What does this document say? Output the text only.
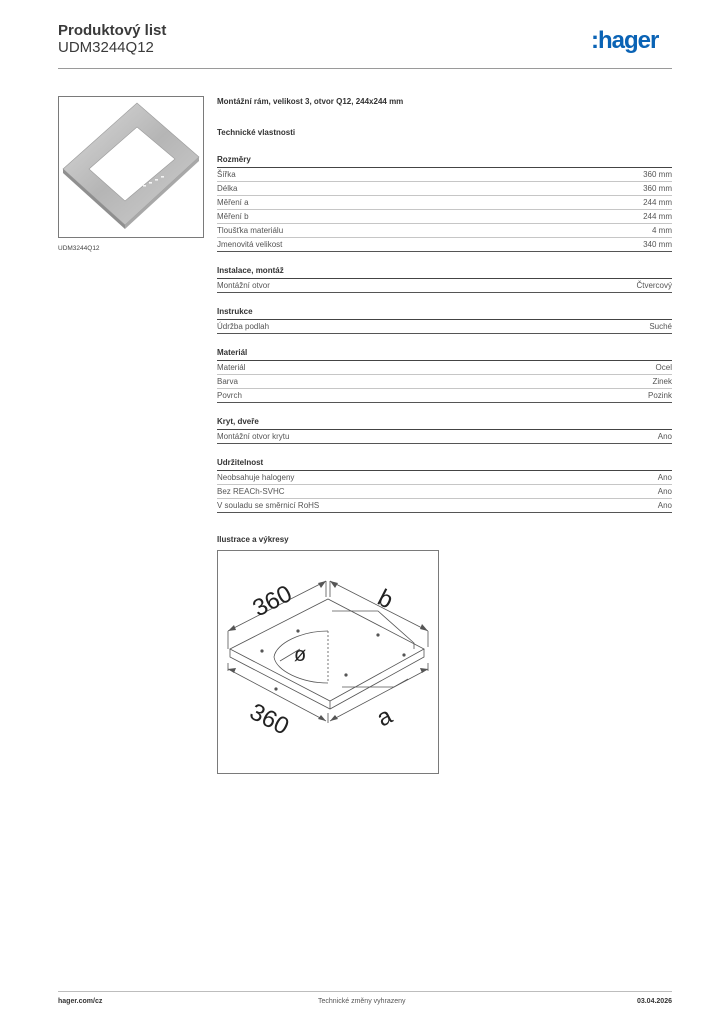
Produktový list
UDM3244Q12	:hager
UDM3244Q12
Montážní rám, velikost 3, otvor Q12, 244x244 mm
Technické vlastnosti
Rozměry
Šířka	360 mm
Délka	360 mm
Měření a	244 mm
Měření b	244 mm
Tloušťka materiálu	4 mm
Jmenovitá velikost	340 mm
Instalace, montáž
Montážní otvor	Čtvercový
Instrukce
Údržba podlah	Suché
Materiál
Materiál	Ocel
Barva	Zinek
Povrch	Pozink
Kryt, dveře
Montážní otvor krytu	Ano
Udržitelnost
Neobsahuje halogeny	Ano
Bez REACh-SVHC	Ano
V souladu se směrnicí RoHS	Ano
Ilustrace a výkresy
360	b
ø
360	a
hager.com/cz	Technické změny vyhrazeny	03.04.2026
